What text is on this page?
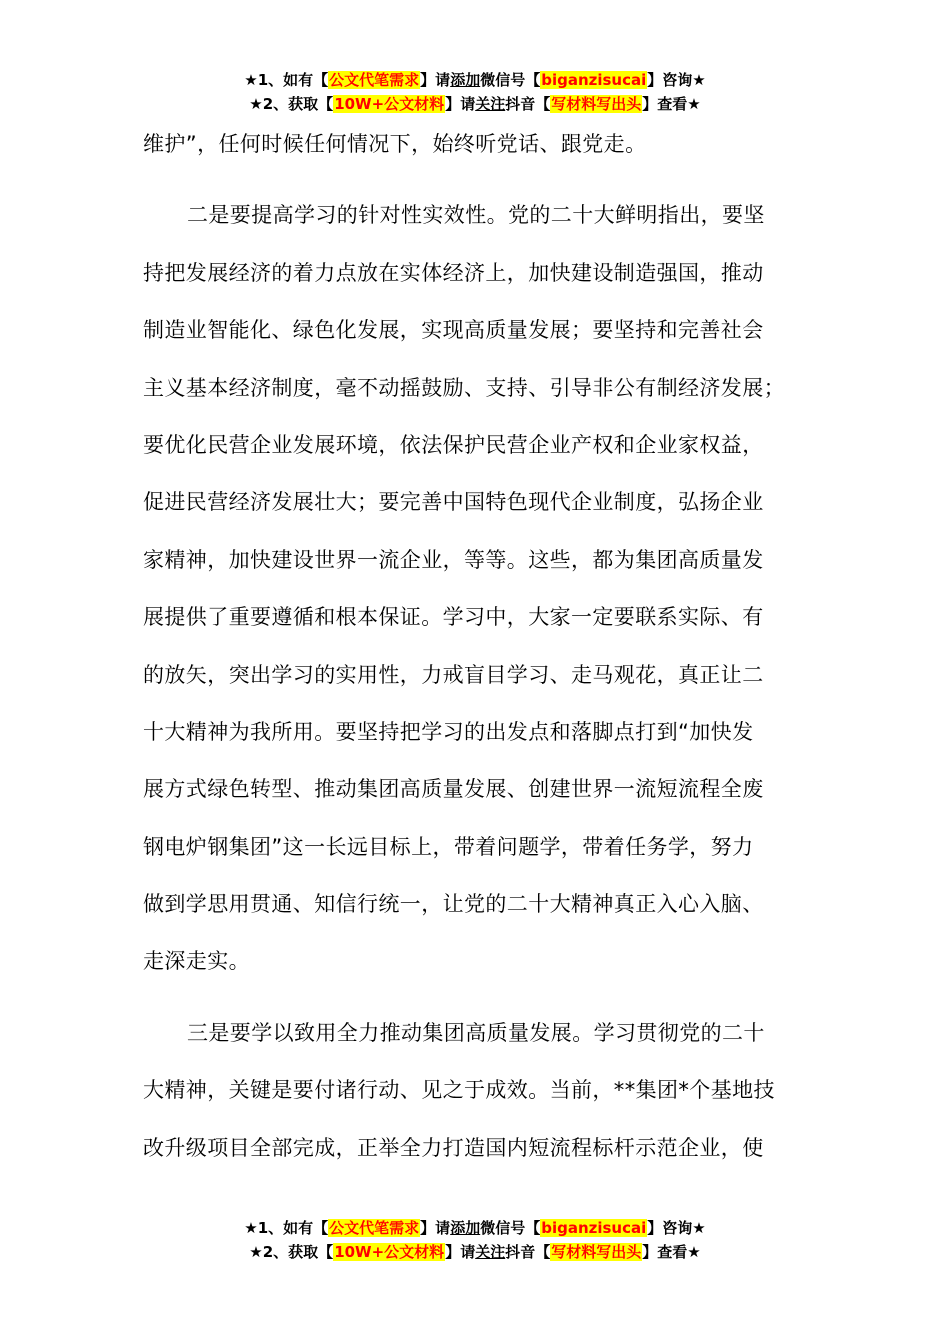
★1、如有【公文代笔需求】请添加微信号【biganzisucai】咨询★
★2、获取【10W+公文材料】请关注抖音【写材料写出头】查看★
维护”，任何时候任何情况下，始终听党话、跟党走。
二是要提高学习的针对性实效性。党的二十大鲜明指出，要坚
持把发展经济的着力点放在实体经济上，加快建设制造强国，推动
制造业智能化、绿色化发展，实现高质量发展；要坚持和完善社会
主义基本经济制度，毫不动摇鼓励、支持、引导非公有制经济发展；
要优化民营企业发展环境，依法保护民营企业产权和企业家权益，
促进民营经济发展壮大；要完善中国特色现代企业制度，弘扬企业
家精神，加快建设世界一流企业，等等。这些，都为集团高质量发
展提供了重要遵循和根本保证。学习中，大家一定要联系实际、有
的放矢，突出学习的实用性，力戒盲目学习、走马观花，真正让二
十大精神为我所用。要坚持把学习的出发点和落脚点打到“加快发
展方式绿色转型、推动集团高质量发展、创建世界一流短流程全废
钢电炉钢集团”这一长远目标上，带着问题学，带着任务学，努力
做到学思用贯通、知信行统一，让党的二十大精神真正入心入脑、
走深走实。
三是要学以致用全力推动集团高质量发展。学习贯彻党的二十
大精神，关键是要付诸行动、见之于成效。当前，**集团*个基地技
改升级项目全部完成，正举全力打造国内短流程标杆示范企业，使
★1、如有【公文代笔需求】请添加微信号【biganzisucai】咨询★
★2、获取【10W+公文材料】请关注抖音【写材料写出头】查看★
